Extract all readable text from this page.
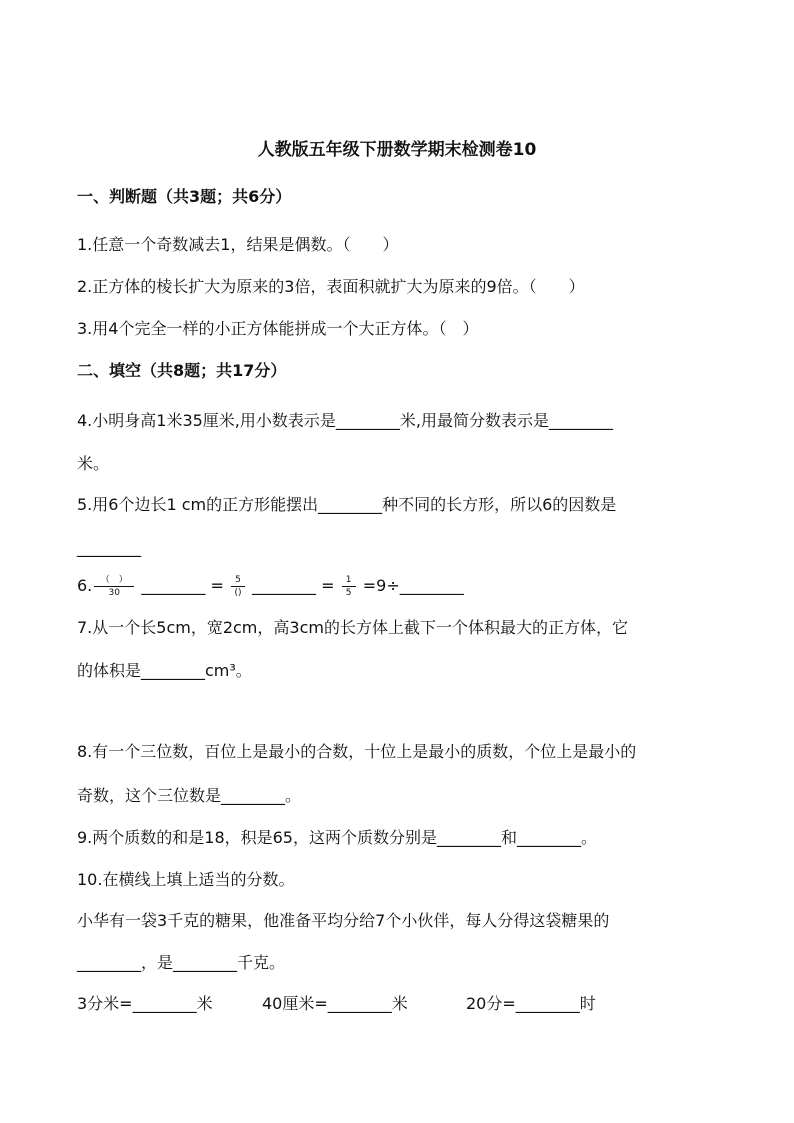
人教版五年级下册数学期末检测卷10
一、判断题（共3题；共6分）
1.任意一个奇数减去1，结果是偶数。（　　）
2.正方体的棱长扩大为原来的3倍，表面积就扩大为原来的9倍。（　　）
3.用4个完全一样的小正方体能拼成一个大正方体。（　）
二、填空（共8题；共17分）
4.小明身高1米35厘米,用小数表示是________米,用最简分数表示是________
米。
5.用6个边长1 cm的正方形能摆出________种不同的长方形，所以6的因数是
________
6. $\frac{( )}{30}$ ________ = $\frac{5}{()}$ ________ = $\frac{1}{5}$ =9÷________
7.从一个长5cm，宽2cm，高3cm的长方体上截下一个体积最大的正方体，它
的体积是________cm³。
8.有一个三位数，百位上是最小的合数，十位上是最小的质数，个位上是最小的
奇数，这个三位数是________。
9.两个质数的和是18，积是65，这两个质数分别是________和________。
10.在横线上填上适当的分数。
小华有一袋3千克的糖果，他准备平均分给7个小伙伴，每人分得这袋糖果的
________，是________千克。
3分米=________米	40厘米=________米	20分=________时
